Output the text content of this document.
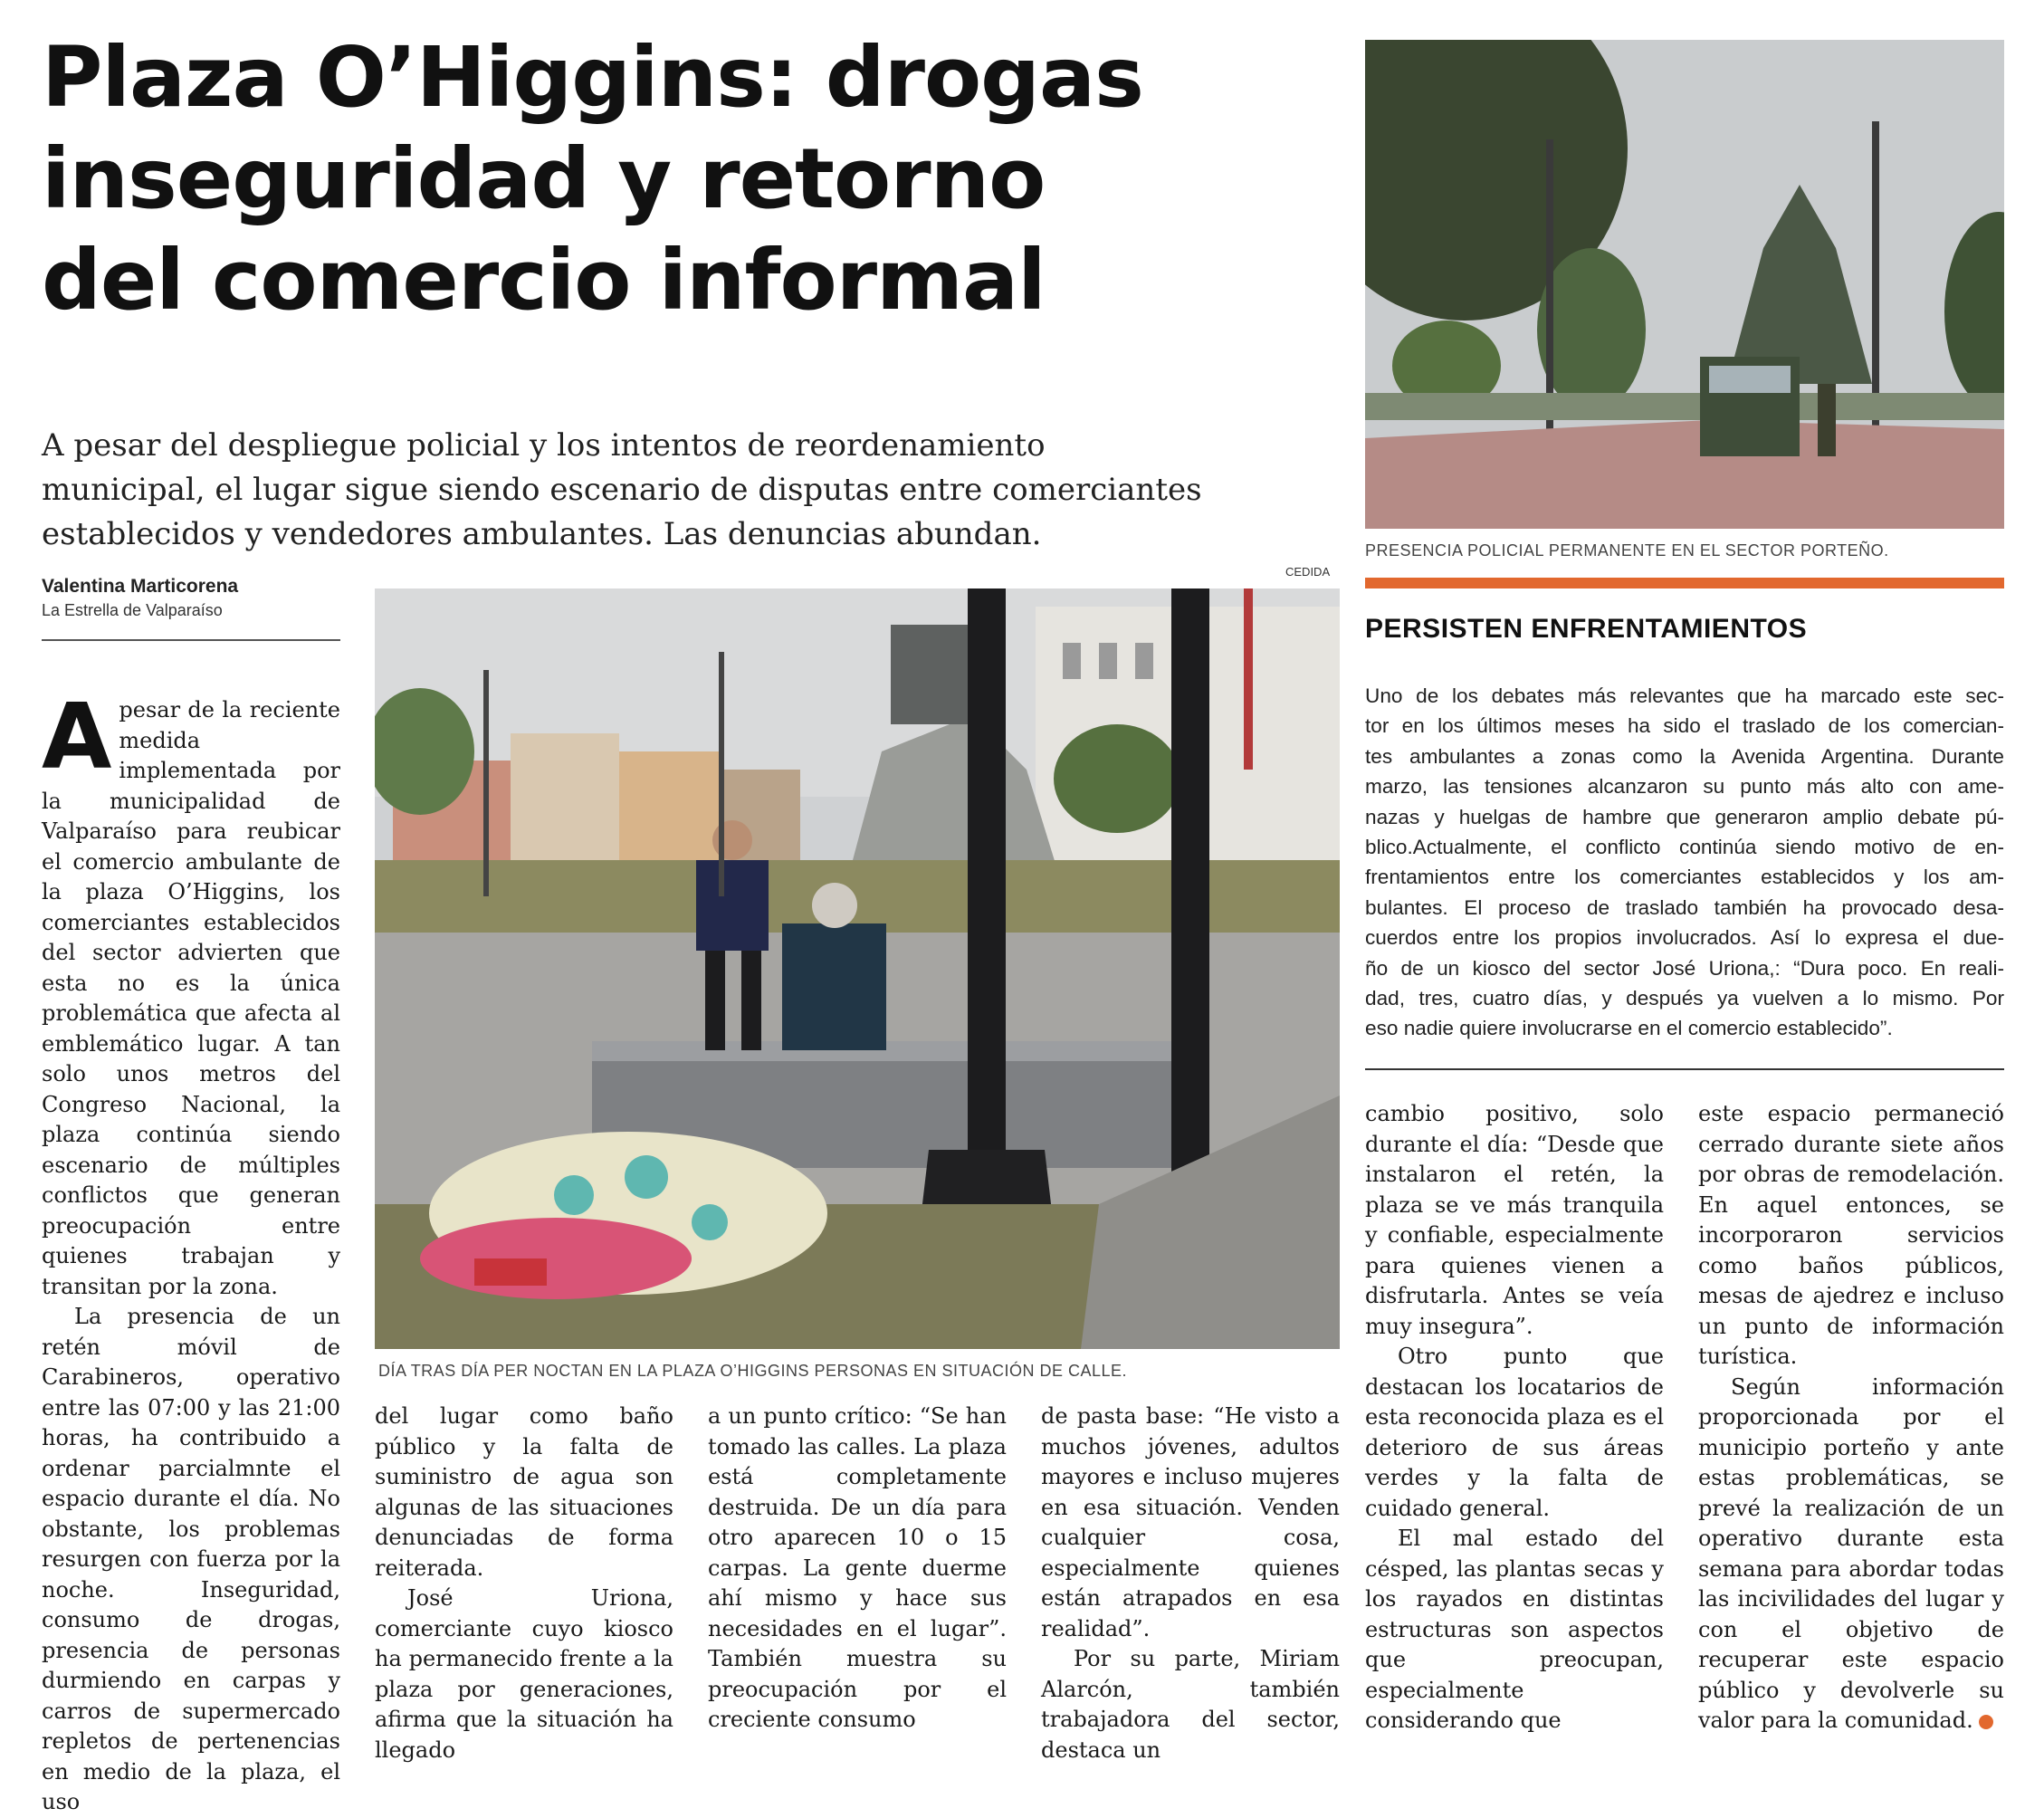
Plaza O’Higgins: drogas
inseguridad y retorno
del comercio informal
A pesar del despliegue policial y los intentos de reordenamiento
municipal, el lugar sigue siendo escenario de disputas entre comerciantes
establecidos y vendedores ambulantes. Las denuncias abundan.
Valentina Marticorena
La Estrella de Valparaíso
CEDIDA
DÍA TRAS DÍA PER NOCTAN EN LA PLAZA O’HIGGINS PERSONAS EN SITUACIÓN DE CALLE.
PRESENCIA POLICIAL PERMANENTE EN EL SECTOR PORTEÑO.
PERSISTEN ENFRENTAMIENTOS
Uno de los debates más relevantes que ha marcado este sec-
tor en los últimos meses ha sido el traslado de los comercian-
tes ambulantes a zonas como la Avenida Argentina. Durante
marzo, las tensiones alcanzaron su punto más alto con ame-
nazas y huelgas de hambre que generaron amplio debate pú-
blico.Actualmente, el conflicto continúa siendo motivo de en-
frentamientos entre los comerciantes establecidos y los am-
bulantes. El proceso de traslado también ha provocado desa-
cuerdos entre los propios involucrados. Así lo expresa el due-
ño de un kiosco del sector José Uriona,: “Dura poco. En reali-
dad, tres, cuatro días, y después ya vuelven a lo mismo. Por
eso nadie quiere involucrarse en el comercio establecido”.

Apesar de la reciente medida implementada por la municipalidad de Valparaíso para reubicar el comercio ambulante de la plaza O’Higgins, los comerciantes establecidos del sector advierten que esta no es la única problemática que afecta al emblemático lugar. A tan solo unos metros del Congreso Nacional, la plaza continúa siendo escenario de múltiples conflictos que generan preocupación entre quienes trabajan y transitan por la zona.

La presencia de un retén móvil de Carabineros, operativo entre las 07:00 y las 21:00 horas, ha contribuido a ordenar parcialmnte el espacio durante el día. No obstante, los problemas resurgen con fuerza por la noche. Inseguridad, consumo de drogas, presencia de personas durmiendo en carpas y carros de supermercado repletos de pertenencias en medio de la plaza, el uso

del lugar como baño público y la falta de suministro de agua son algunas de las situaciones denunciadas de forma reiterada.

José Uriona, comerciante cuyo kiosco ha permanecido frente a la plaza por generaciones, afirma que la situación ha llegado

a un punto crítico: “Se han tomado las calles. La plaza está completamente destruida. De un día para otro aparecen 10 o 15 carpas. La gente duerme ahí mismo y hace sus necesidades en el lugar”. También muestra su preocupación por el creciente consumo

de pasta base: “He visto a muchos jóvenes, adultos mayores e incluso mujeres en esa situación. Venden cualquier cosa, especialmente quienes están atrapados en esa realidad”.

Por su parte, Miriam Alarcón, también trabajadora del sector, destaca un

cambio positivo, solo durante el día: “Desde que instalaron el retén, la plaza se ve más tranquila y confiable, especialmente para quienes vienen a disfrutarla. Antes se veía muy insegura”.

Otro punto que destacan los locatarios de esta reconocida plaza es el deterioro de sus áreas verdes y la falta de cuidado general.

El mal estado del césped, las plantas secas y los rayados en distintas estructuras son aspectos que preocupan, especialmente considerando que

este espacio permaneció cerrado durante siete años por obras de remodelación. En aquel entonces, se incorporaron servicios como baños públicos, mesas de ajedrez e incluso un punto de información turística.

Según información proporcionada por el municipio porteño y ante estas problemáticas, se prevé la realización de un operativo durante esta semana para abordar todas las incivilidades del lugar y con el objetivo de recuperar este espacio público y devolverle su valor para la comunidad.
